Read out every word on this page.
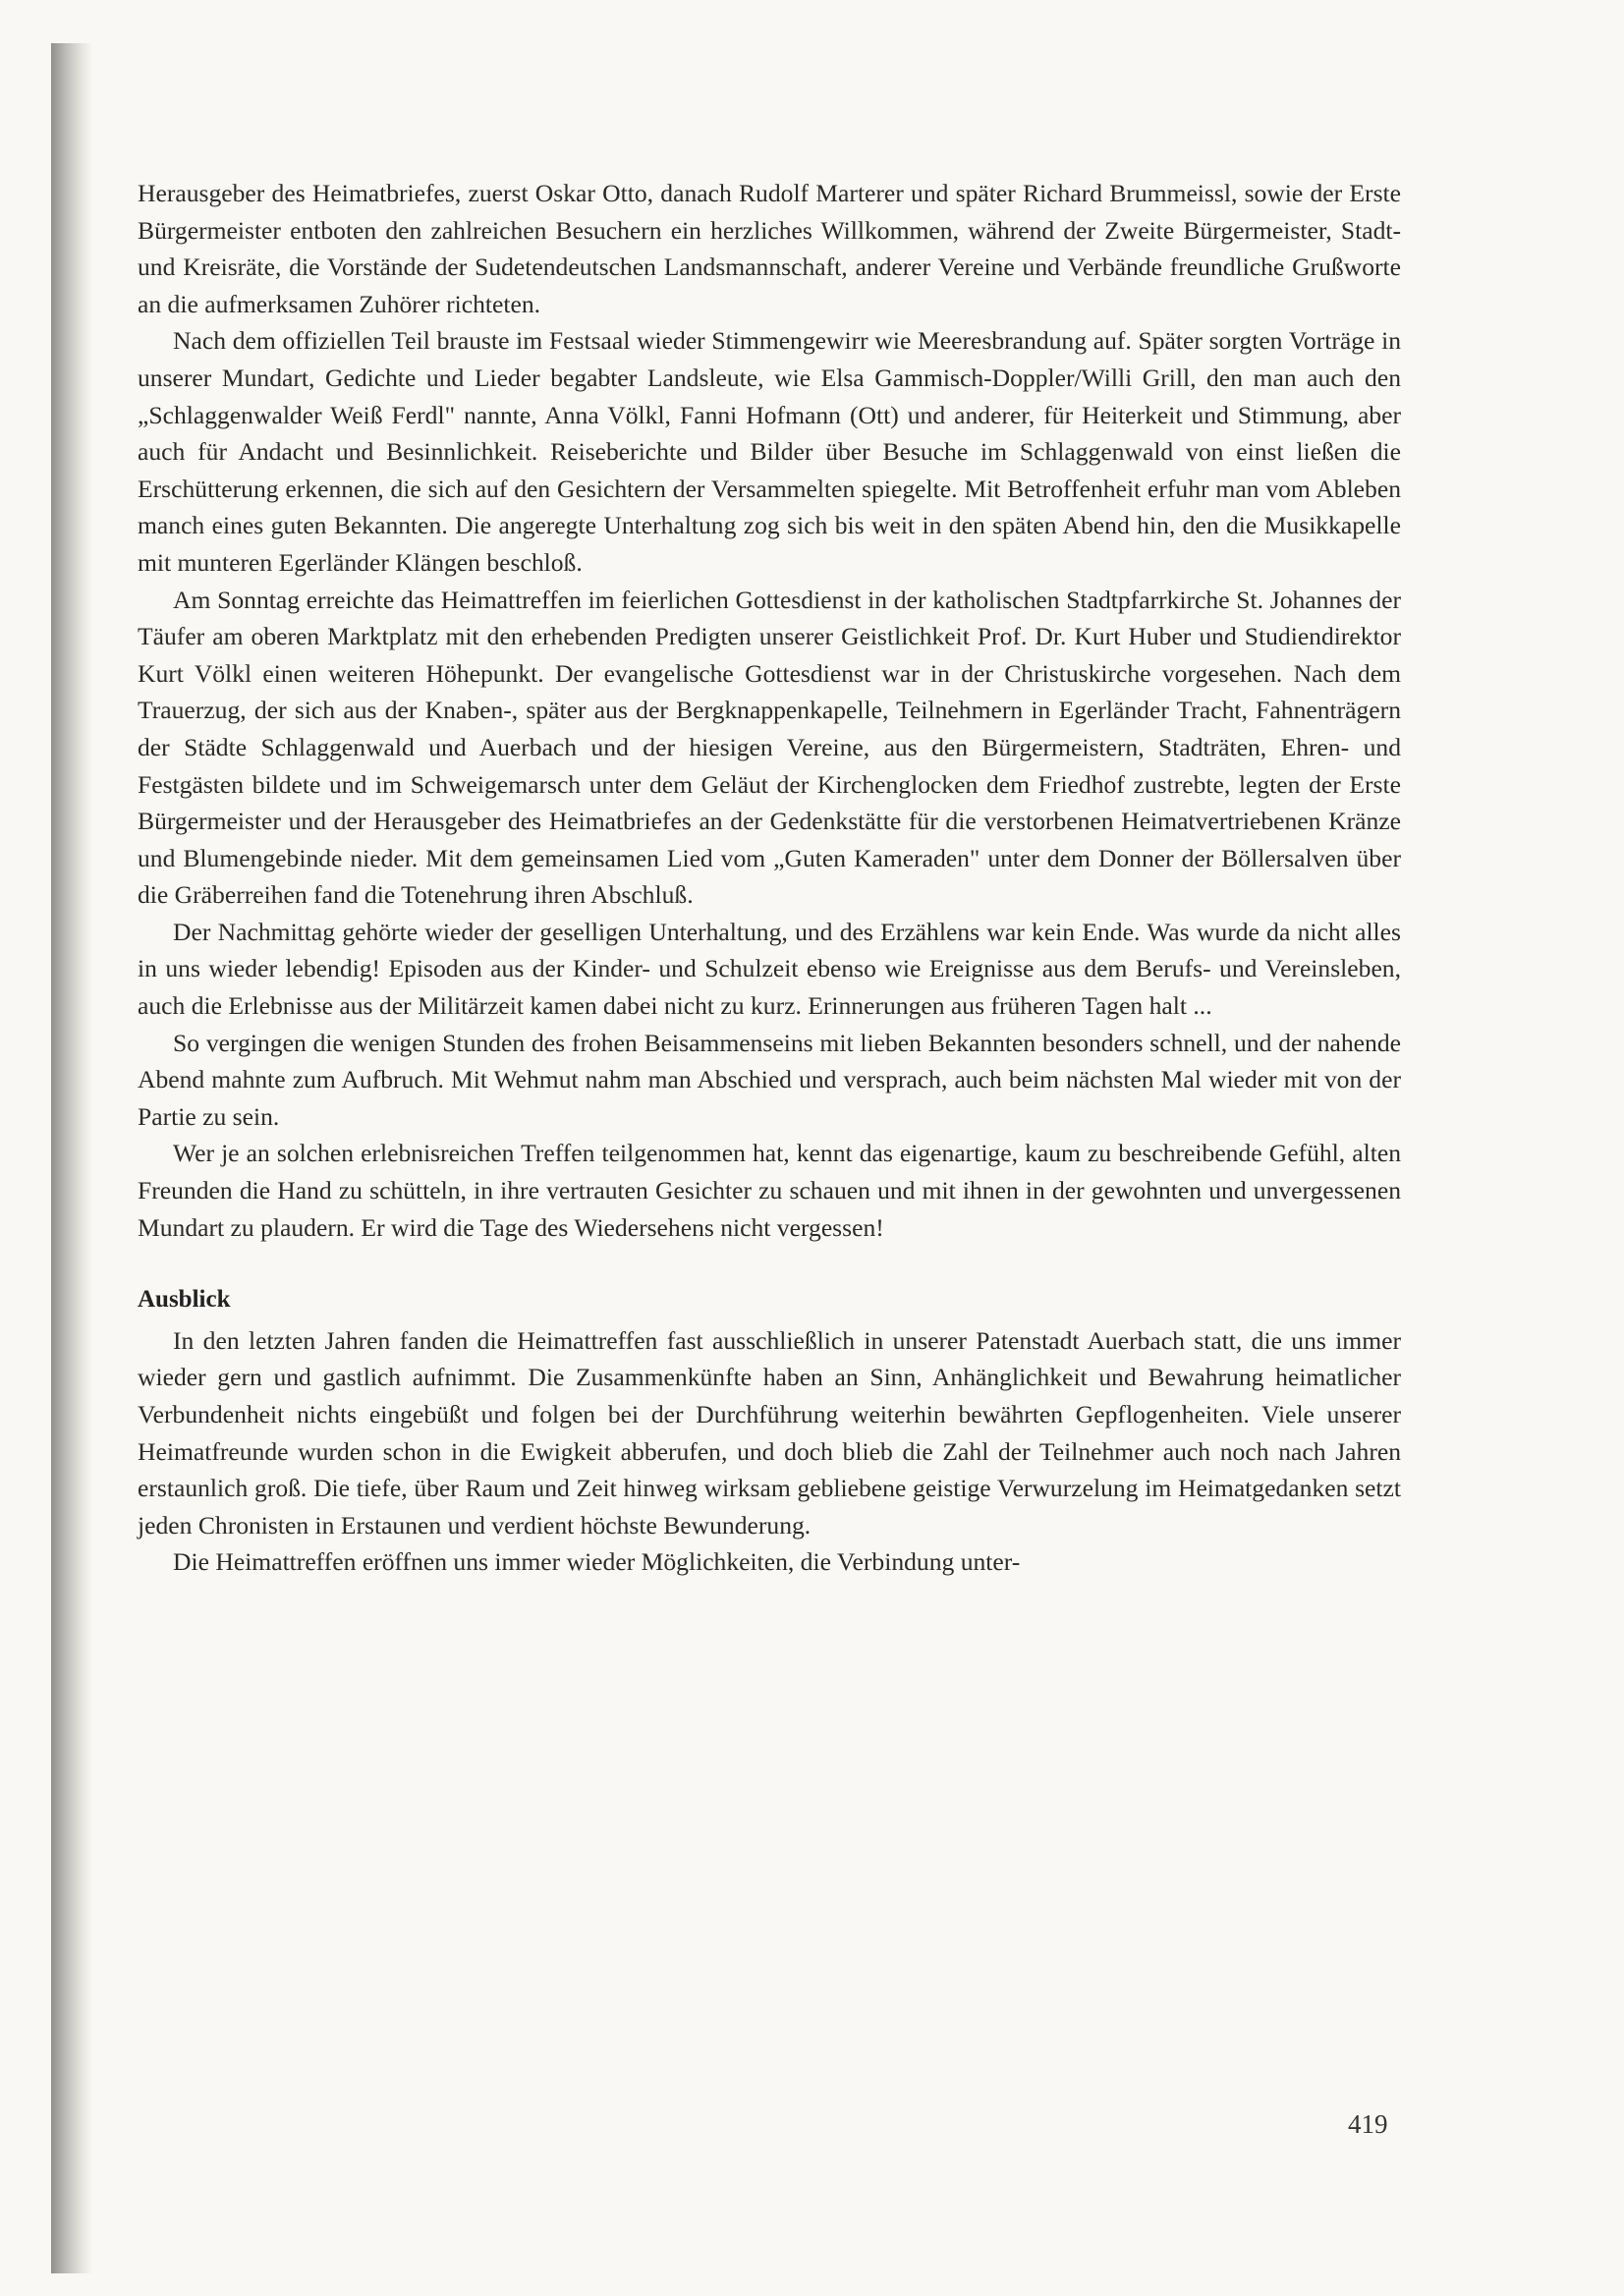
Herausgeber des Heimatbriefes, zuerst Oskar Otto, danach Rudolf Marterer und später Richard Brummeissl, sowie der Erste Bürgermeister entboten den zahlreichen Besuchern ein herzliches Willkommen, während der Zweite Bürgermeister, Stadt- und Kreisräte, die Vorstände der Sudetendeutschen Landsmannschaft, anderer Vereine und Verbände freundliche Grußworte an die aufmerksamen Zuhörer richteten.

Nach dem offiziellen Teil brauste im Festsaal wieder Stimmengewirr wie Meeresbrandung auf. Später sorgten Vorträge in unserer Mundart, Gedichte und Lieder begabter Landsleute, wie Elsa Gammisch-Doppler/Willi Grill, den man auch den „Schlaggenwalder Weiß Ferdl" nannte, Anna Völkl, Fanni Hofmann (Ott) und anderer, für Heiterkeit und Stimmung, aber auch für Andacht und Besinnlichkeit. Reiseberichte und Bilder über Besuche im Schlaggenwald von einst ließen die Erschütterung erkennen, die sich auf den Gesichtern der Versammelten spiegelte. Mit Betroffenheit erfuhr man vom Ableben manch eines guten Bekannten. Die angeregte Unterhaltung zog sich bis weit in den späten Abend hin, den die Musikkapelle mit munteren Egerländer Klängen beschloß.

Am Sonntag erreichte das Heimattreffen im feierlichen Gottesdienst in der katholischen Stadtpfarrkirche St. Johannes der Täufer am oberen Marktplatz mit den erhebenden Predigten unserer Geistlichkeit Prof. Dr. Kurt Huber und Studiendirektor Kurt Völkl einen weiteren Höhepunkt. Der evangelische Gottesdienst war in der Christuskirche vorgesehen. Nach dem Trauerzug, der sich aus der Knaben-, später aus der Bergknappenkapelle, Teilnehmern in Egerländer Tracht, Fahnenträgern der Städte Schlaggenwald und Auerbach und der hiesigen Vereine, aus den Bürgermeistern, Stadträten, Ehren- und Festgästen bildete und im Schweigemarsch unter dem Geläut der Kirchenglocken dem Friedhof zustrebte, legten der Erste Bürgermeister und der Herausgeber des Heimatbriefes an der Gedenkstätte für die verstorbenen Heimatvertriebenen Kränze und Blumengebinde nieder. Mit dem gemeinsamen Lied vom „Guten Kameraden" unter dem Donner der Böllersalven über die Gräberreihen fand die Totenehrung ihren Abschluß.

Der Nachmittag gehörte wieder der geselligen Unterhaltung, und des Erzählens war kein Ende. Was wurde da nicht alles in uns wieder lebendig! Episoden aus der Kinder- und Schulzeit ebenso wie Ereignisse aus dem Berufs- und Vereinsleben, auch die Erlebnisse aus der Militärzeit kamen dabei nicht zu kurz. Erinnerungen aus früheren Tagen halt ...

So vergingen die wenigen Stunden des frohen Beisammenseins mit lieben Bekannten besonders schnell, und der nahende Abend mahnte zum Aufbruch. Mit Wehmut nahm man Abschied und versprach, auch beim nächsten Mal wieder mit von der Partie zu sein.

Wer je an solchen erlebnisreichen Treffen teilgenommen hat, kennt das eigenartige, kaum zu beschreibende Gefühl, alten Freunden die Hand zu schütteln, in ihre vertrauten Gesichter zu schauen und mit ihnen in der gewohnten und unvergessenen Mundart zu plaudern. Er wird die Tage des Wiedersehens nicht vergessen!

Ausblick

In den letzten Jahren fanden die Heimattreffen fast ausschließlich in unserer Patenstadt Auerbach statt, die uns immer wieder gern und gastlich aufnimmt. Die Zusammenkünfte haben an Sinn, Anhänglichkeit und Bewahrung heimatlicher Verbundenheit nichts eingebüßt und folgen bei der Durchführung weiterhin bewährten Gepflogenheiten. Viele unserer Heimatfreunde wurden schon in die Ewigkeit abberufen, und doch blieb die Zahl der Teilnehmer auch noch nach Jahren erstaunlich groß. Die tiefe, über Raum und Zeit hinweg wirksam gebliebene geistige Verwurzelung im Heimatgedanken setzt jeden Chronisten in Erstaunen und verdient höchste Bewunderung.

Die Heimattreffen eröffnen uns immer wieder Möglichkeiten, die Verbindung unter-

419
